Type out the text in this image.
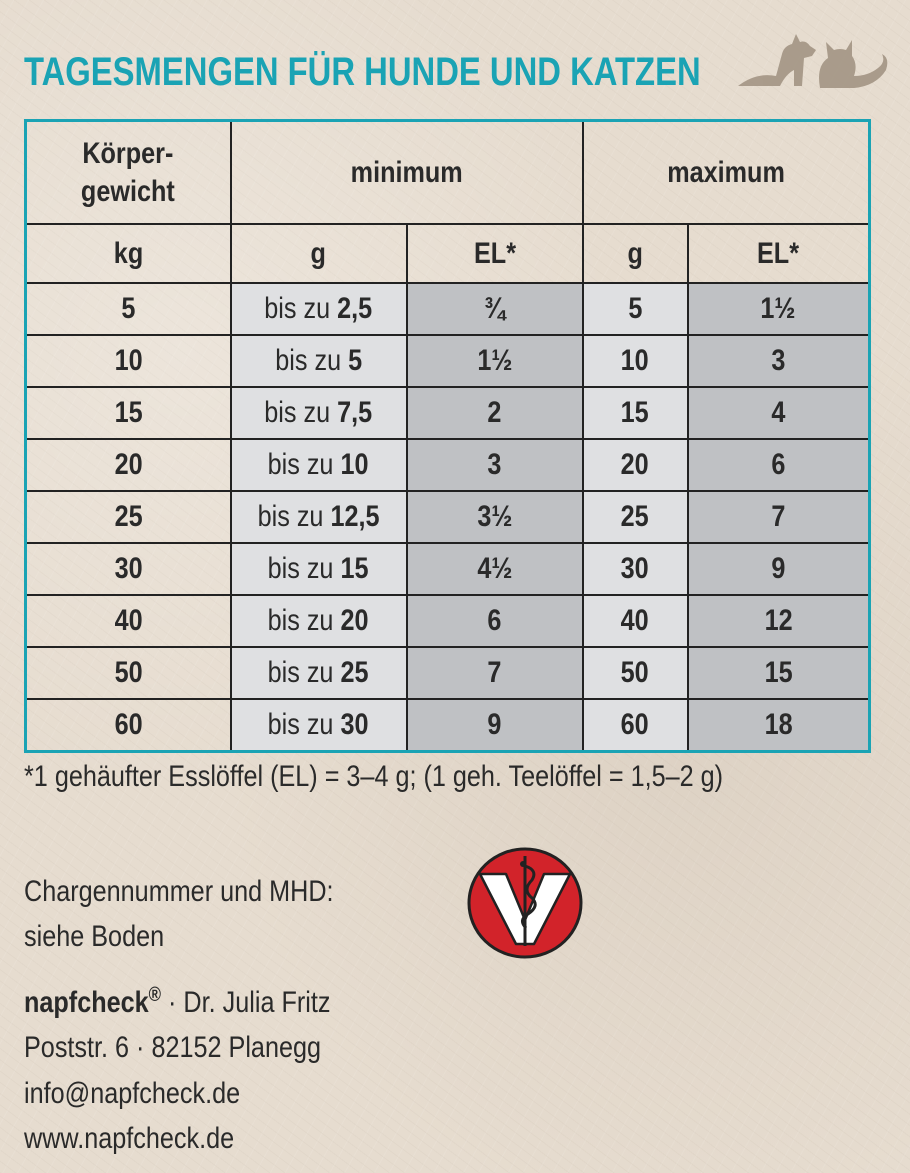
TAGESMENGEN FÜR HUNDE UND KATZEN
Körper-
gewicht	minimum		maximum	
kg	g	EL*	g	EL*
5	bis zu 2,5	¾	5	1½
10	bis zu 5	1½	10	3
15	bis zu 7,5	2	15	4
20	bis zu 10	3	20	6
25	bis zu 12,5	3½	25	7
30	bis zu 15	4½	30	9
40	bis zu 20	6	40	12
50	bis zu 25	7	50	15
60	bis zu 30	9	60	18
*1 gehäufter Esslöffel (EL) = 3–4 g; (1 geh. Teelöffel = 1,5–2 g)
Chargennummer und MHD:
siehe Boden
napfcheck® · Dr. Julia Fritz
Poststr. 6 · 82152 Planegg
info@napfcheck.de
www.napfcheck.de
